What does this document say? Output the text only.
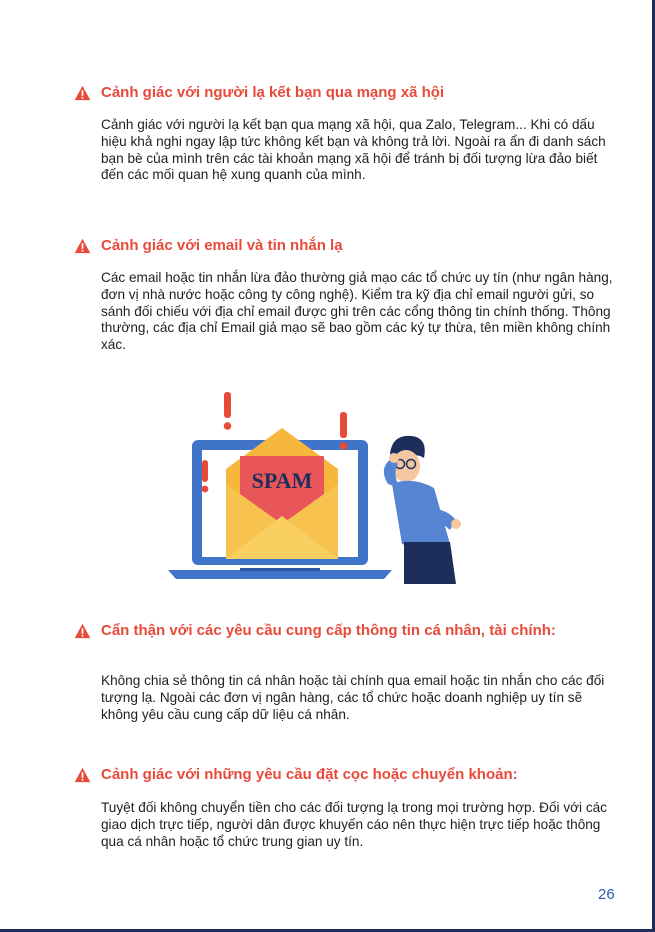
Cảnh giác với người lạ kết bạn qua mạng xã hội
Cảnh giác với người lạ kết bạn qua mạng xã hội, qua Zalo, Telegram... Khi có dấu hiệu khả nghi ngay lập tức không kết bạn và không trả lời. Ngoài ra ẩn đi danh sách bạn bè của mình trên các tài khoản mạng xã hội để tránh bị đối tượng lừa đảo biết đến các mối quan hệ xung quanh của mình.
Cảnh giác với email và tin nhắn lạ
Các email hoặc tin nhắn lừa đảo thường giả mạo các tổ chức uy tín (như ngân hàng, đơn vị nhà nước hoặc công ty công nghệ). Kiểm tra kỹ địa chỉ email người gửi, so sánh đối chiếu với địa chỉ email được ghi trên các cổng thông tin chính thống. Thông thường, các địa chỉ Email giả mạo sẽ bao gồm các ký tự thừa, tên miền không chính xác.
SPAM
Cẩn thận với các yêu cầu cung cấp thông tin cá nhân, tài chính:
Không chia sẻ thông tin cá nhân hoặc tài chính qua email hoặc tin nhắn cho các đối tượng lạ. Ngoài các đơn vị ngân hàng, các tổ chức hoặc doanh nghiệp uy tín sẽ không yêu cầu cung cấp dữ liệu cá nhân.
Cảnh giác với những yêu cầu đặt cọc hoặc chuyển khoản:
Tuyệt đối không chuyển tiền cho các đối tượng lạ trong mọi trường hợp. Đối với các giao dịch trực tiếp, người dân được khuyến cáo nên thực hiện trực tiếp hoặc thông qua cá nhân hoặc tổ chức trung gian uy tín.
26
